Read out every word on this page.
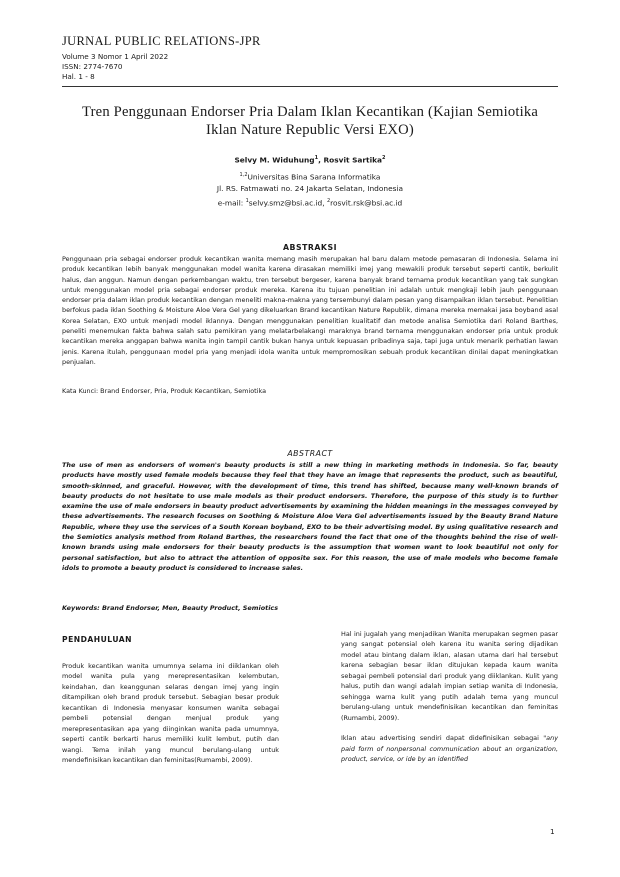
JURNAL PUBLIC RELATIONS-JPR
Volume 3 Nomor 1 April 2022
ISSN: 2774-7670
Hal. 1 - 8
Tren Penggunaan Endorser Pria Dalam Iklan Kecantikan (Kajian Semiotika
Iklan Nature Republic Versi EXO)
Selvy M. Widuhung$^1$, Rosvit Sartika$^2$
$^{1,2}$Universitas Bina Sarana Informatika
Jl. RS. Fatmawati no. 24 Jakarta Selatan, Indonesia
e-mail: $^1$selvy.smz@bsi.ac.id, $^2$rosvit.rsk@bsi.ac.id
ABSTRAKSI
Penggunaan pria sebagai endorser produk kecantikan wanita memang masih merupakan hal baru dalam metode pemasaran di Indonesia. Selama ini produk kecantikan lebih banyak menggunakan model wanita karena dirasakan memiliki imej yang mewakili produk tersebut seperti cantik, berkulit halus, dan anggun. Namun dengan perkembangan waktu, tren tersebut bergeser, karena banyak brand ternama produk kecantikan yang tak sungkan untuk menggunakan model pria sebagai endorser produk mereka. Karena itu tujuan penelitian ini adalah untuk mengkaji lebih jauh penggunaan endorser pria dalam iklan produk kecantikan dengan meneliti makna-makna yang tersembunyi dalam pesan yang disampaikan iklan tersebut. Penelitian berfokus pada iklan Soothing & Moisture Aloe Vera Gel yang dikeluarkan Brand kecantikan Nature Republik, dimana mereka memakai jasa boyband asal Korea Selatan, EXO untuk menjadi model iklannya. Dengan menggunakan penelitian kualitatif dan metode analisa Semiotika dari Roland Barthes, peneliti menemukan fakta bahwa salah satu pemikiran yang melatarbelakangi maraknya brand ternama menggunakan endorser pria untuk produk kecantikan mereka anggapan bahwa wanita ingin tampil cantik bukan hanya untuk kepuasan pribadinya saja, tapi juga untuk menarik perhatian lawan jenis. Karena itulah, penggunaan model pria yang menjadi idola wanita untuk mempromosikan sebuah produk kecantikan dinilai dapat meningkatkan penjualan.
Kata Kunci: Brand Endorser, Pria, Produk Kecantikan, Semiotika
ABSTRACT
The use of men as endorsers of women's beauty products is still a new thing in marketing methods in Indonesia. So far, beauty products have mostly used female models because they feel that they have an image that represents the product, such as beautiful, smooth-skinned, and graceful. However, with the development of time, this trend has shifted, because many well-known brands of beauty products do not hesitate to use male models as their product endorsers. Therefore, the purpose of this study is to further examine the use of male endorsers in beauty product advertisements by examining the hidden meanings in the messages conveyed by these advertisements. The research focuses on Soothing & Moisture Aloe Vera Gel advertisements issued by the Beauty Brand Nature Republic, where they use the services of a South Korean boyband, EXO to be their advertising model. By using qualitative research and the Semiotics analysis method from Roland Barthes, the researchers found the fact that one of the thoughts behind the rise of well-known brands using male endorsers for their beauty products is the assumption that women want to look beautiful not only for personal satisfaction, but also to attract the attention of opposite sex. For this reason, the use of male models who become female idols to promote a beauty product is considered to increase sales.
Keywords: Brand Endorser, Men, Beauty Product, Semiotics
PENDAHULUAN

Produk kecantikan wanita umumnya selama ini diiklankan oleh model wanita pula yang merepresentasikan kelembutan, keindahan, dan keanggunan selaras dengan imej yang ingin ditampilkan oleh brand produk tersebut. Sebagian besar produk kecantikan di Indonesia menyasar konsumen wanita sebagai pembeli potensial dengan menjual produk yang merepresentasikan apa yang diinginkan wanita pada umumnya, seperti cantik berkarti harus memiliki kulit lembut, putih dan wangi. Tema inilah yang muncul berulang-ulang untuk mendefinisikan kecantikan dan feminitas(Rumambi, 2009).

Hal ini jugalah yang menjadikan Wanita merupakan segmen pasar yang sangat potensial oleh karena itu wanita sering dijadikan model atau bintang dalam iklan, alasan utama dari hal tersebut karena sebagian besar iklan ditujukan kepada kaum wanita sebagai pembeli potensial dari produk yang diiklankan. Kulit yang halus, putih dan wangi adalah impian setiap wanita di Indonesia, sehingga warna kulit yang putih adalah tema yang muncul berulang-ulang untuk mendefinisikan kecantikan dan feminitas (Rumambi, 2009).

Iklan atau advertising sendiri dapat didefinisikan sebagai "any paid form of nonpersonal communication about an organization, product, service, or ide by an identified

1
